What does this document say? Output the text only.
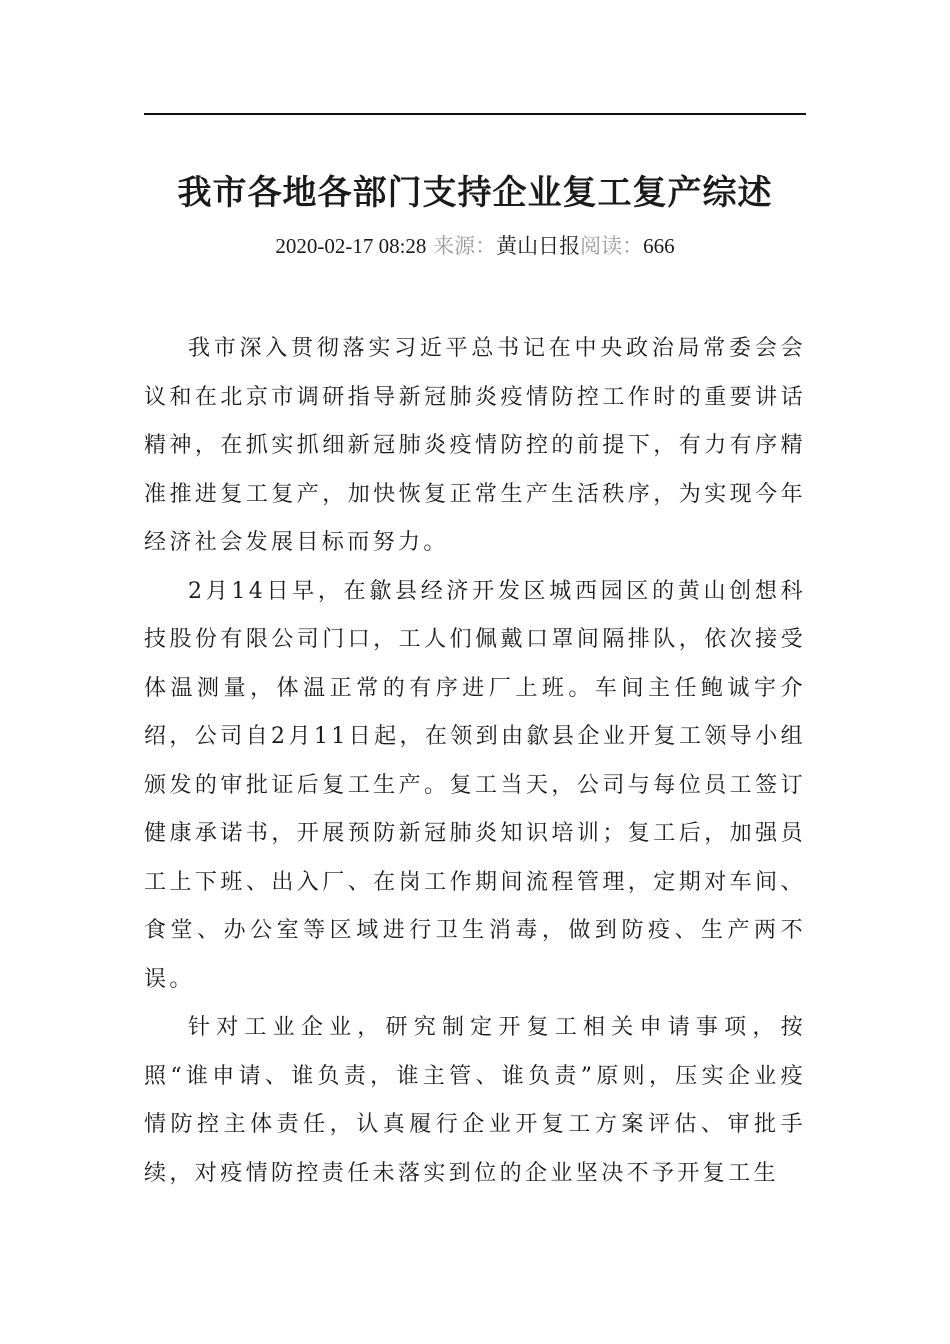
我市各地各部门支持企业复工复产综述
2020-02-17 08:28 来源：黄山日报阅读：666

我市深入贯彻落实习近平总书记在中央政治局常委会会议和在北京市调研指导新冠肺炎疫情防控工作时的重要讲话精神，在抓实抓细新冠肺炎疫情防控的前提下，有力有序精准推进复工复产，加快恢复正常生产生活秩序，为实现今年经济社会发展目标而努力。

2月14日早，在歙县经济开发区城西园区的黄山创想科技股份有限公司门口，工人们佩戴口罩间隔排队，依次接受体温测量，体温正常的有序进厂上班。车间主任鲍诚宇介绍，公司自2月11日起，在领到由歙县企业开复工领导小组颁发的审批证后复工生产。复工当天，公司与每位员工签订健康承诺书，开展预防新冠肺炎知识培训；复工后，加强员工上下班、出入厂、在岗工作期间流程管理，定期对车间、食堂、办公室等区域进行卫生消毒，做到防疫、生产两不误。

针对工业企业，研究制定开复工相关申请事项，按照“谁申请、谁负责，谁主管、谁负责”原则，压实企业疫情防控主体责任，认真履行企业开复工方案评估、审批手续，对疫情防控责任未落实到位的企业坚决不予开复工生
